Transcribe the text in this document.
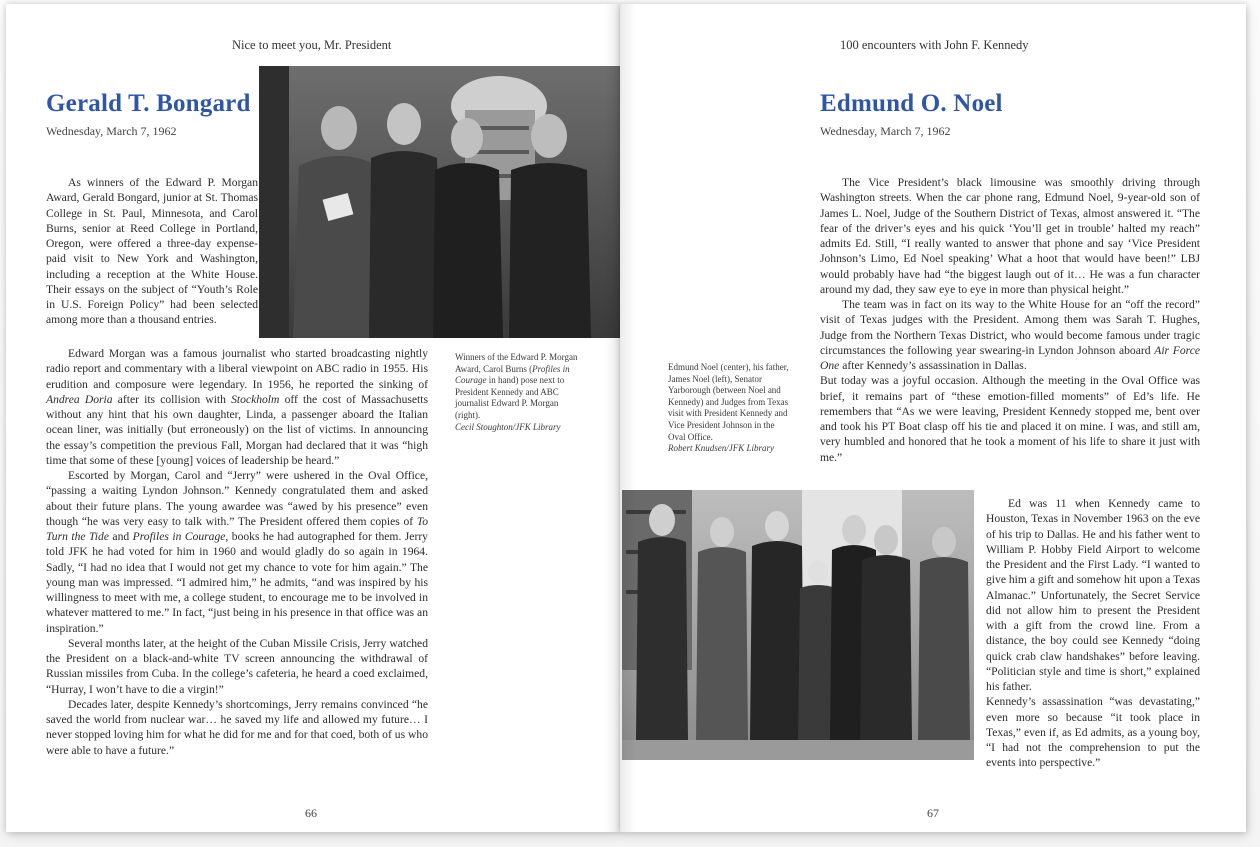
Nice to meet you, Mr. President
Gerald T. Bongard
Wednesday, March 7, 1962

As winners of the Edward P. Morgan Award, Gerald Bongard, junior at St. Thomas College in St. Paul, Minnesota, and Carol Burns, senior at Reed College in Portland, Oregon, were offered a three-day expense-paid visit to New York and Washington, including a reception at the White House. Their essays on the subject of “Youth’s Role in U.S. Foreign Policy” had been selected among more than a thousand entries.

Edward Morgan was a famous journalist who started broadcasting nightly radio report and commentary with a liberal viewpoint on ABC radio in 1955. His erudition and composure were legendary. In 1956, he reported the sinking of Andrea Doria after its collision with Stockholm off the cost of Massachusetts without any hint that his own daughter, Linda, a passenger aboard the Italian ocean liner, was initially (but erroneously) on the list of victims. In announcing the essay’s competition the previous Fall, Morgan had declared that it was “high time that some of these [young] voices of leadership be heard.”

Escorted by Morgan, Carol and “Jerry” were ushered in the Oval Office, “passing a waiting Lyndon Johnson.” Kennedy congratulated them and asked about their future plans. The young awardee was “awed by his presence” even though “he was very easy to talk with.” The President offered them copies of To Turn the Tide and Profiles in Courage, books he had autographed for them. Jerry told JFK he had voted for him in 1960 and would gladly do so again in 1964. Sadly, “I had no idea that I would not get my chance to vote for him again.” The young man was impressed. “I admired him,” he admits, “and was inspired by his willingness to meet with me, a college student, to encourage me to be involved in whatever mattered to me.” In fact, “just being in his presence in that office was an inspiration.”

Several months later, at the height of the Cuban Missile Crisis, Jerry watched the President on a black-and-white TV screen announcing the withdrawal of Russian missiles from Cuba. In the college’s cafeteria, he heard a coed exclaimed, “Hurray, I won’t have to die a virgin!”

Decades later, despite Kennedy’s shortcomings, Jerry remains convinced “he saved the world from nuclear war… he saved my life and allowed my future… I never stopped loving him for what he did for me and for that coed, both of us who were able to have a future.”

Winners of the Edward P. Morgan Award, Carol Burns (Profiles in Courage in hand) pose next to President Kennedy and ABC journalist Edward P. Morgan (right).
Cecil Stoughton/JFK Library
66
100 encounters with John F. Kennedy
Edmund O. Noel
Wednesday, March 7, 1962

The Vice President’s black limousine was smoothly driving through Washington streets. When the car phone rang, Edmund Noel, 9-year-old son of James L. Noel, Judge of the Southern District of Texas, almost answered it. “The fear of the driver’s eyes and his quick ‘You’ll get in trouble’ halted my reach” admits Ed. Still, “I really wanted to answer that phone and say ‘Vice President Johnson’s Limo, Ed Noel speaking’ What a hoot that would have been!” LBJ would probably have had “the biggest laugh out of it… He was a fun character around my dad, they saw eye to eye in more than physical height.”

The team was in fact on its way to the White House for an “off the record” visit of Texas judges with the President. Among them was Sarah T. Hughes, Judge from the Northern Texas District, who would become famous under tragic circumstances the following year swearing-in Lyndon Johnson aboard Air Force One after Kennedy’s assassination in Dallas.

But today was a joyful occasion. Although the meeting in the Oval Office was brief, it remains part of “these emotion-filled moments” of Ed’s life. He remembers that “As we were leaving, President Kennedy stopped me, bent over and took his PT Boat clasp off his tie and placed it on mine. I was, and still am, very humbled and honored that he took a moment of his life to share it just with me.”

Edmund Noel (center), his father, James Noel (left), Senator Yarborough (between Noel and Kennedy) and Judges from Texas visit with President Kennedy and Vice President Johnson in the Oval Office.
Robert Knudsen/JFK Library

Ed was 11 when Kennedy came to Houston, Texas in November 1963 on the eve of his trip to Dallas. He and his father went to William P. Hobby Field Airport to welcome the President and the First Lady. “I wanted to give him a gift and somehow hit upon a Texas Almanac.” Unfortunately, the Secret Service did not allow him to present the President with a gift from the crowd line. From a distance, the boy could see Kennedy “doing quick crab claw handshakes” before leaving. “Politician style and time is short,” explained his father.

Kennedy’s assassination “was devastating,” even more so because “it took place in Texas,” even if, as Ed admits, as a young boy, “I had not the comprehension to put the events into perspective.”

67
